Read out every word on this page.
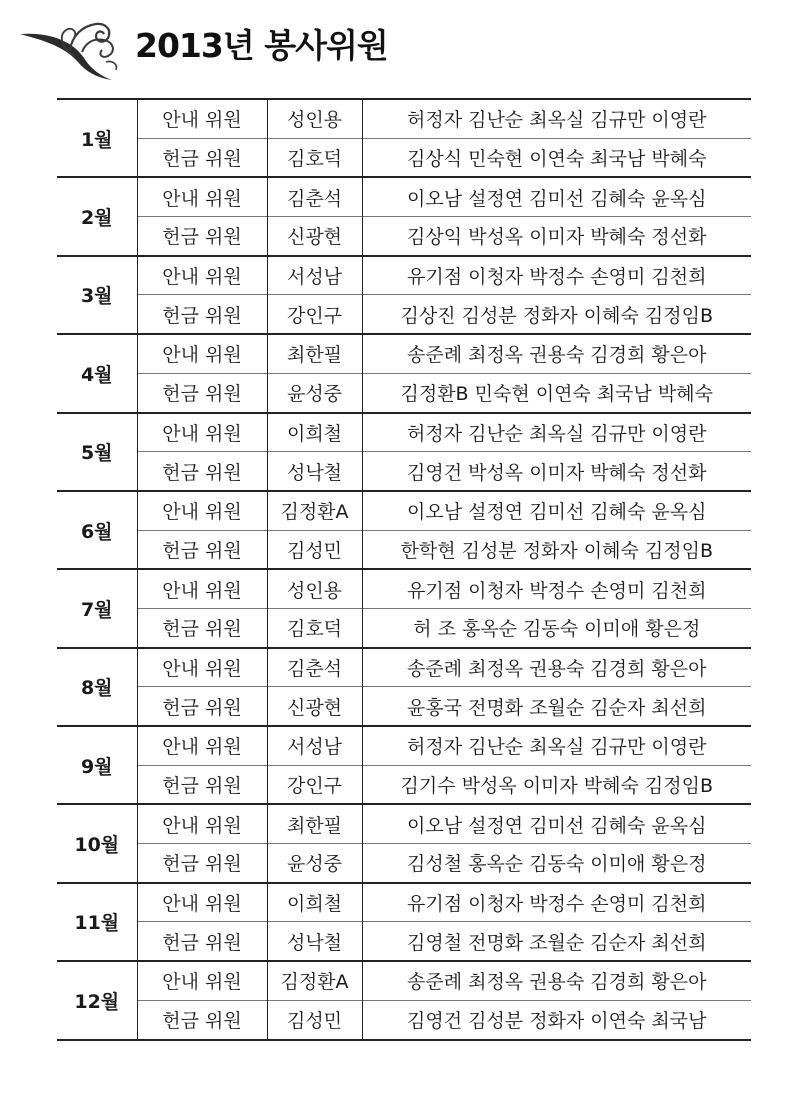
2013년 봉사위원
1월	안내 위원	성인용	허정자 김난순 최옥실 김규만 이영란
	헌금 위원	김호덕	김상식 민숙현 이연숙 최국남 박혜숙
2월	안내 위원	김춘석	이오남 설정연 김미선 김혜숙 윤옥심
	헌금 위원	신광현	김상익 박성옥 이미자 박혜숙 정선화
3월	안내 위원	서성남	유기점 이청자 박정수 손영미 김천희
	헌금 위원	강인구	김상진 김성분 정화자 이혜숙 김정임B
4월	안내 위원	최한필	송준례 최정옥 권용숙 김경희 황은아
	헌금 위원	윤성중	김정환B 민숙현 이연숙 최국남 박혜숙
5월	안내 위원	이희철	허정자 김난순 최옥실 김규만 이영란
	헌금 위원	성낙철	김영건 박성옥 이미자 박혜숙 정선화
6월	안내 위원	김정환A	이오남 설정연 김미선 김혜숙 윤옥심
	헌금 위원	김성민	한학현 김성분 정화자 이혜숙 김정임B
7월	안내 위원	성인용	유기점 이청자 박정수 손영미 김천희
	헌금 위원	김호덕	허 조 홍옥순 김동숙 이미애 황은정
8월	안내 위원	김춘석	송준례 최정옥 권용숙 김경희 황은아
	헌금 위원	신광현	윤홍국 전명화 조월순 김순자 최선희
9월	안내 위원	서성남	허정자 김난순 최옥실 김규만 이영란
	헌금 위원	강인구	김기수 박성옥 이미자 박혜숙 김정임B
10월	안내 위원	최한필	이오남 설정연 김미선 김혜숙 윤옥심
	헌금 위원	윤성중	김성철 홍옥순 김동숙 이미애 황은정
11월	안내 위원	이희철	유기점 이청자 박정수 손영미 김천희
	헌금 위원	성낙철	김영철 전명화 조월순 김순자 최선희
12월	안내 위원	김정환A	송준례 최정옥 권용숙 김경희 황은아
	헌금 위원	김성민	김영건 김성분 정화자 이연숙 최국남
